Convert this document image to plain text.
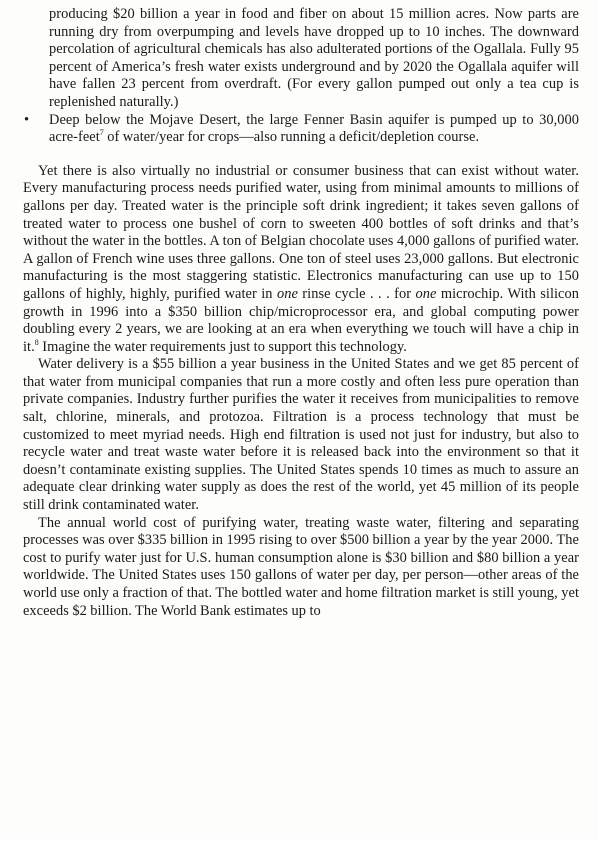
producing $20 billion a year in food and fiber on about 15 million acres. Now parts are running dry from overpumping and levels have dropped up to 10 inches. The downward percolation of agricultural chemicals has also adulterated portions of the Ogallala. Fully 95 percent of America’s fresh water exists underground and by 2020 the Ogallala aquifer will have fallen 23 percent from overdraft. (For every gallon pumped out only a tea cup is replenished naturally.)

• Deep below the Mojave Desert, the large Fenner Basin aquifer is pumped up to 30,000 acre-feet$^7$ of water/year for crops—also running a deficit/depletion course.

Yet there is also virtually no industrial or consumer business that can exist without water. Every manufacturing process needs purified water, using from minimal amounts to millions of gallons per day. Treated water is the principle soft drink ingredient; it takes seven gallons of treated water to process one bushel of corn to sweeten 400 bottles of soft drinks and that’s without the water in the bottles. A ton of Belgian chocolate uses 4,000 gallons of purified water. A gallon of French wine uses three gallons. One ton of steel uses 23,000 gallons. But electronic manufacturing is the most staggering statistic. Electronics manufacturing can use up to 150 gallons of highly, highly, purified water in one rinse cycle . . . for one microchip. With silicon growth in 1996 into a $350 billion chip/microprocessor era, and global computing power doubling every 2 years, we are looking at an era when everything we touch will have a chip in it.$^8$ Imagine the water requirements just to support this technology.

Water delivery is a $55 billion a year business in the United States and we get 85 percent of that water from municipal companies that run a more costly and often less pure operation than private companies. Industry further purifies the water it receives from municipalities to remove salt, chlorine, minerals, and protozoa. Filtration is a process technology that must be customized to meet myriad needs. High end filtration is used not just for industry, but also to recycle water and treat waste water before it is released back into the environment so that it doesn’t contaminate existing supplies. The United States spends 10 times as much to assure an adequate clear drinking water supply as does the rest of the world, yet 45 million of its people still drink contaminated water.

The annual world cost of purifying water, treating waste water, filtering and separating processes was over $335 billion in 1995 rising to over $500 billion a year by the year 2000. The cost to purify water just for U.S. human consumption alone is $30 billion and $80 billion a year worldwide. The United States uses 150 gallons of water per day, per person—other areas of the world use only a fraction of that. The bottled water and home filtration market is still young, yet exceeds $2 billion. The World Bank estimates up to
